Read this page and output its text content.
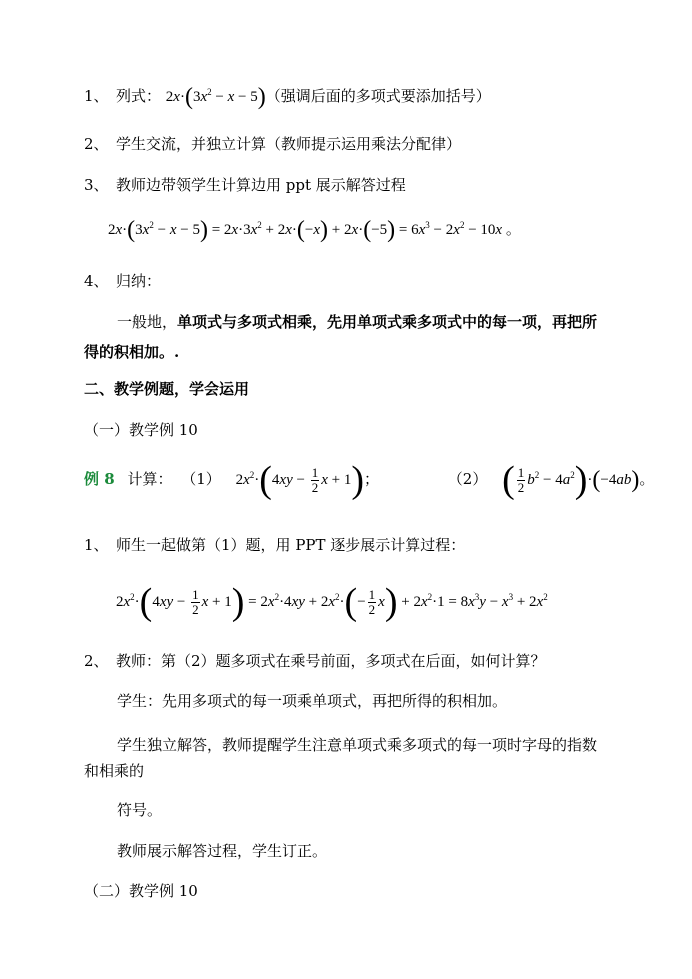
1、 列式： $2x\cdot(3x^2 - x - 5)$（强调后面的多项式要添加括号）
2、 学生交流，并独立计算（教师提示运用乘法分配律）
3、 教师边带领学生计算边用 ppt 展示解答过程
$2x\cdot(3x^2 - x - 5) = 2x\cdot 3x^2 + 2x\cdot(-x) + 2x\cdot(-5) = 6x^3 - 2x^2 - 10x$ 。
4、 归纳：
一般地，单项式与多项式相乘，先用单项式乘多项式中的每一项，再把所
得的积相加。.
二、教学例题，学会运用
（一）教学例 10
例 8 计算： （1） $2x^2\cdot(4xy - \frac{1}{2}$ x + 1)；	（2） ( $\frac{1}{2} b^2 - 4a^2)\cdot(-4ab)$。
1、 师生一起做第（1）题，用 PPT 逐步展示计算过程：
$2x^2\cdot(4xy - \frac{1}{2}$ $x + 1) = 2x^2\cdot 4xy + 2x^2\cdot(- \frac{1}{2} x) + 2x^2\cdot 1 = 8x^3y - x^3 + 2x^2$
2、 教师：第（2）题多项式在乘号前面，多项式在后面，如何计算？
学生：先用多项式的每一项乘单项式，再把所得的积相加。
学生独立解答，教师提醒学生注意单项式乘多项式的每一项时字母的指数
和相乘的
符号。
教师展示解答过程，学生订正。
（二）教学例 10
